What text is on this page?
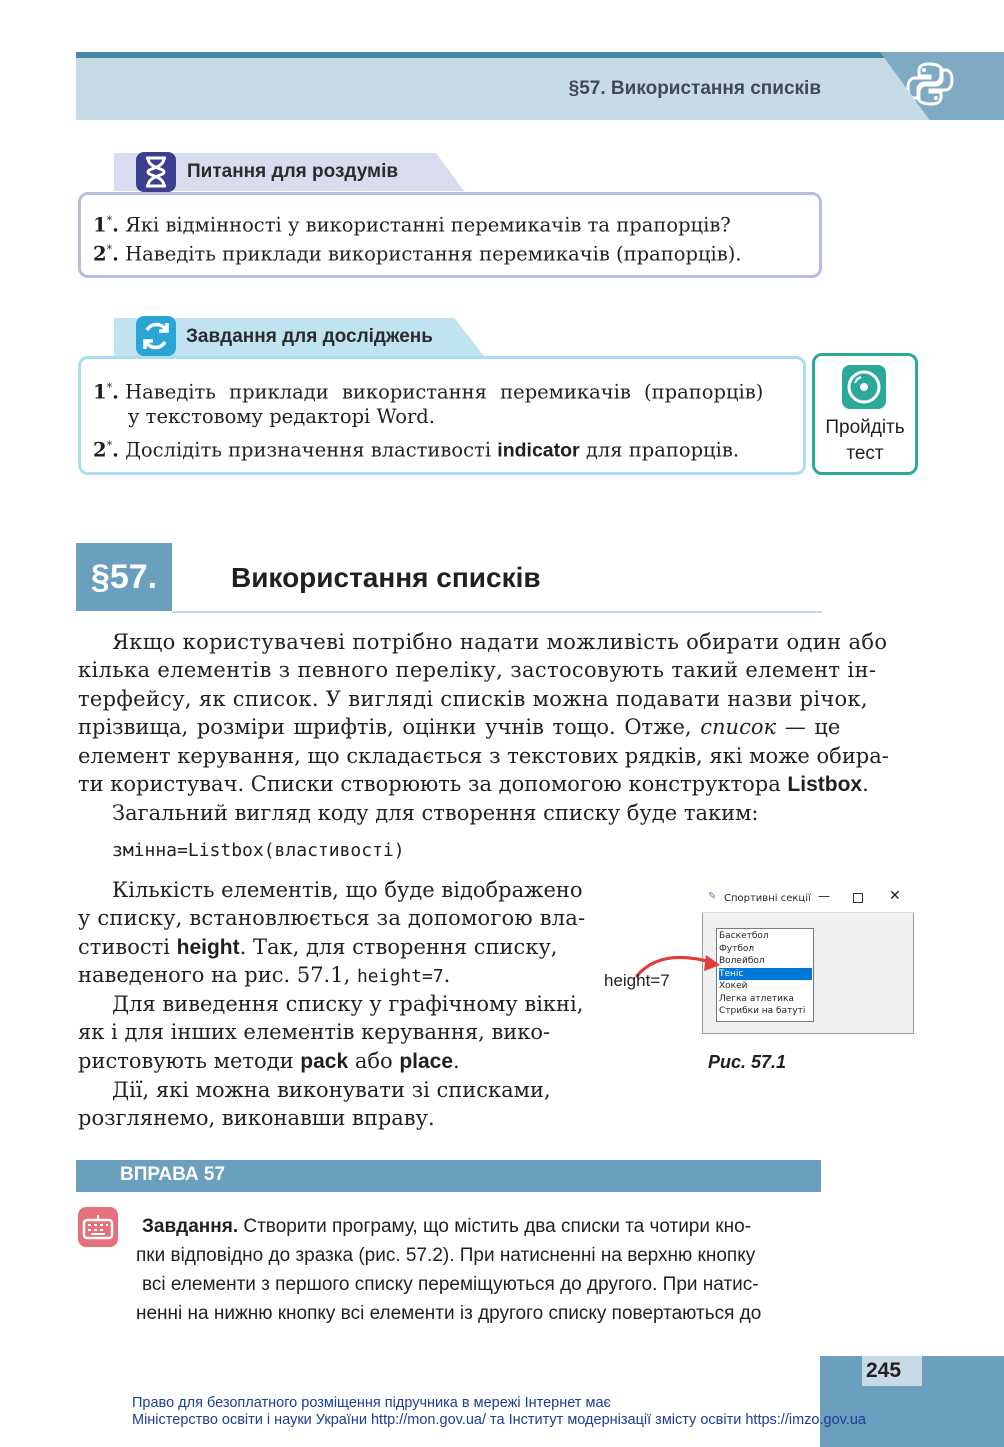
§57. Використання списків
Питання для роздумів
1*. Які відмінності у використанні перемикачів та прапорців?
2*. Наведіть приклади використання перемикачів (прапорців).
Завдання для досліджень
1*. Наведіть приклади використання перемикачів (прапорців)
у текстовому редакторі Word.
2*. Дослідіть призначення властивості indicator для прапорців.
Пройдіть
тест
§57.	Використання списків
Якщо користувачеві потрібно надати можливість обирати один або
кілька елементів з певного переліку, застосовують такий елемент ін-
терфейсу, як список. У вигляді списків можна подавати назви річок,
прізвища, розміри шрифтів, оцінки учнів тощо. Отже, список — це
елемент керування, що складається з текстових рядків, які може обира-
ти користувач. Списки створюють за допомогою конструктора Listbox.
Загальний вигляд коду для створення списку буде таким:
змінна=Listbox(властивості)
Кількість елементів, що буде відображено
у списку, встановлюється за допомогою вла-
стивості height. Так, для створення списку,
наведеного на рис. 57.1, height=7.
Для виведення списку у графічному вікні,
як і для інших елементів керування, вико-
ристовують методи pack або place.
Дії, які можна виконувати зі списками,
розглянемо, виконавши вправу.
✎ Спортивні секції —	✕
Баскетбол
Футбол
Волейбол
Теніс
Хокей
Легка атлетика
Стрибки на батуті
height=7
Рис. 57.1
ВПРАВА 57
Завдання. Створити програму, що містить два списки та чотири кно-
пки відповідно до зразка (рис. 57.2). При натисненні на верхню кнопку
всі елементи з першого списку переміщуються до другого. При натис-
ненні на нижню кнопку всі елементи із другого списку повертаються до
245
Право для безоплатного розміщення підручника в мережі Інтернет має
Міністерство освіти і науки України http://mon.gov.ua/ та Інститут модернізації змісту освіти https://imzo.gov.ua
